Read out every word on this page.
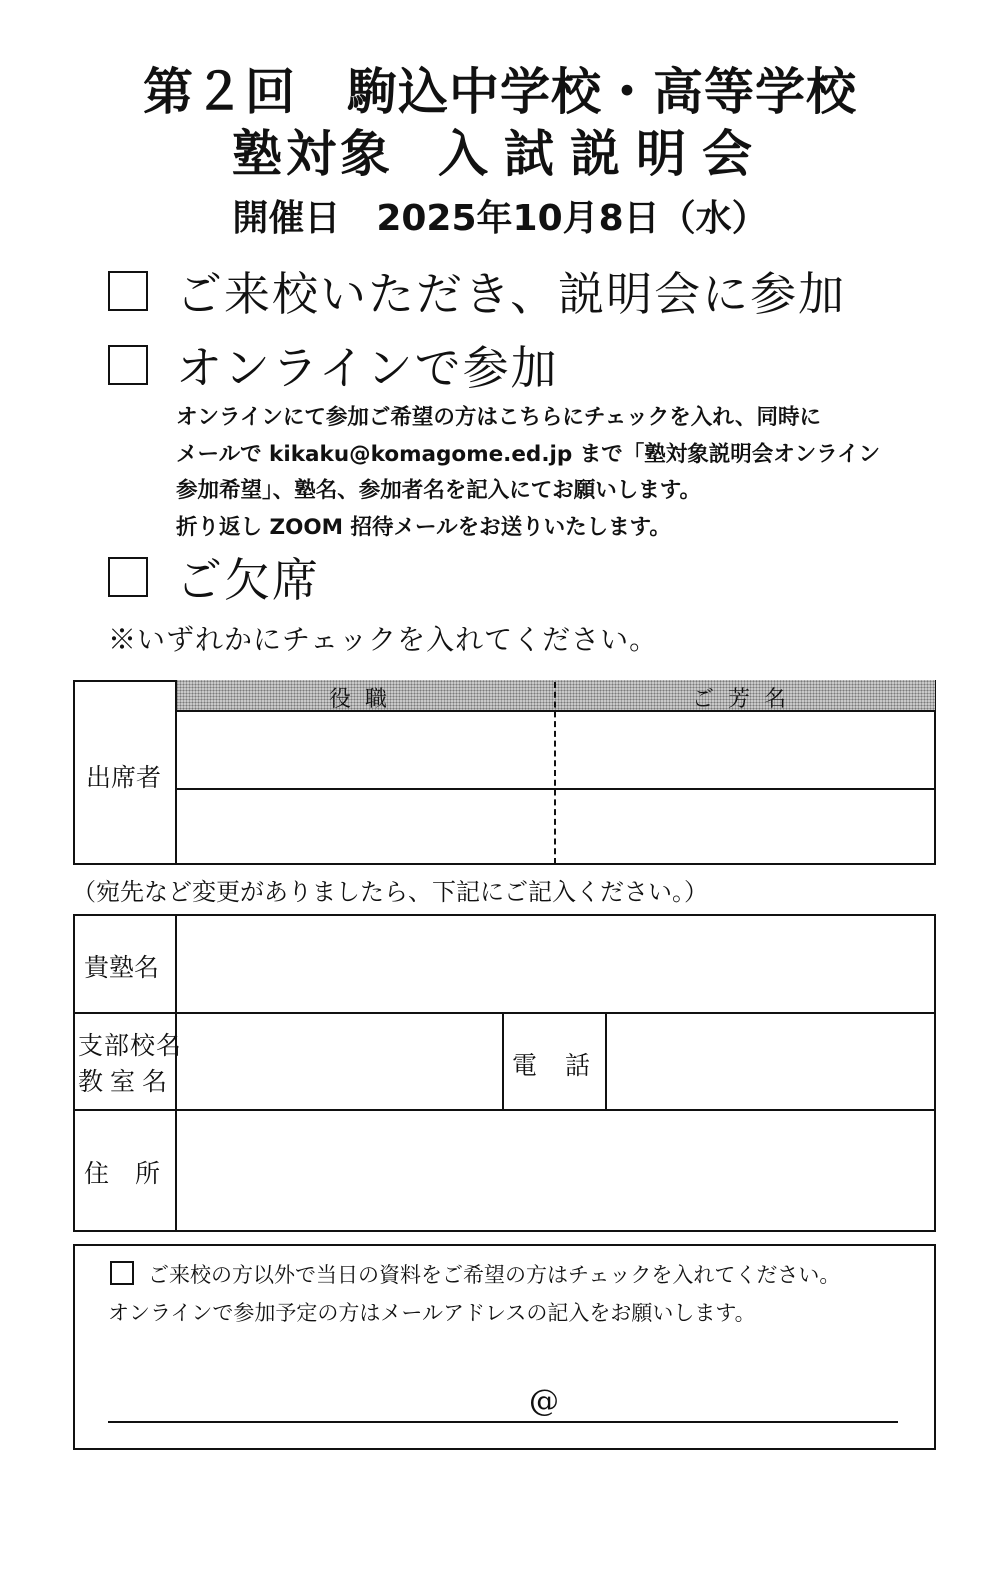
第２回　駒込中学校・高等学校
塾対象 入試説明会
開催日 2025年10月8日（水）
ご来校いただき、説明会に参加
オンラインで参加
オンラインにて参加ご希望の方はこちらにチェックを入れ、同時に
メールで kikaku@komagome.ed.jp まで「塾対象説明会オンライン
参加希望」、塾名、参加者名を記入にてお願いします。
折り返し ZOOM 招待メールをお送りいたします。
ご欠席
※いずれかにチェックを入れてください。
役職	ご芳名
出席者
（宛先など変更がありましたら、下記にご記入ください。）
貴塾名
支部校名
教室名
電話
住所
ご来校の方以外で当日の資料をご希望の方はチェックを入れてください。
オンラインで参加予定の方はメールアドレスの記入をお願いします。
@
